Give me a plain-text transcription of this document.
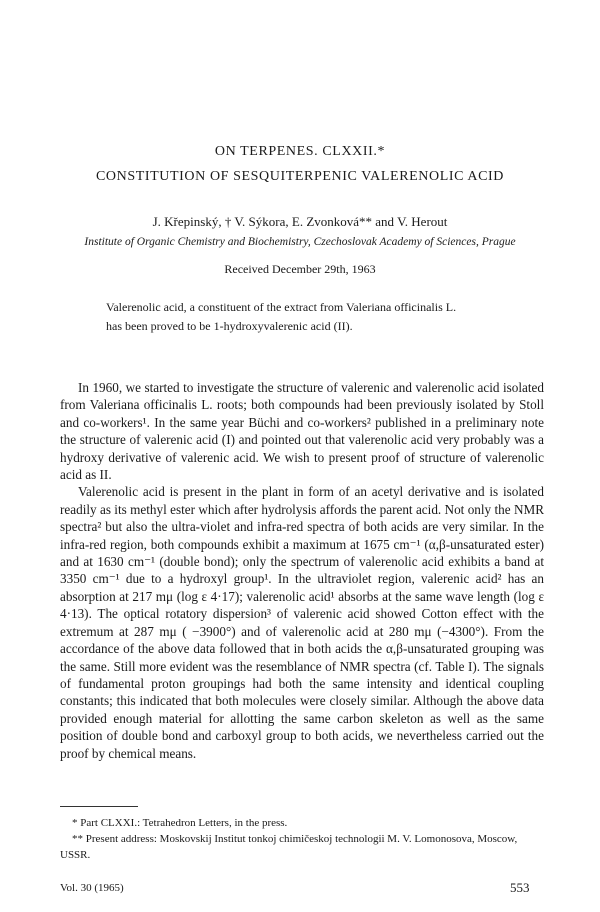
ON TERPENES. CLXXII.*
CONSTITUTION OF SESQUITERPENIC VALERENOLIC ACID
J. Křepinský, † V. Sýkora, E. Zvonková** and V. Herout
Institute of Organic Chemistry and Biochemistry, Czechoslovak Academy of Sciences, Prague
Received December 29th, 1963
Valerenolic acid, a constituent of the extract from Valeriana officinalis L.
has been proved to be 1-hydroxyvalerenic acid (II).

In 1960, we started to investigate the structure of valerenic and valerenolic acid isolated from Valeriana officinalis L. roots; both compounds had been previously isolated by Stoll and co-workers¹. In the same year Büchi and co-workers² published in a preliminary note the structure of valerenic acid (I) and pointed out that valerenolic acid very probably was a hydroxy derivative of valerenic acid. We wish to present proof of structure of valerenolic acid as II.

Valerenolic acid is present in the plant in form of an acetyl derivative and is isolated readily as its methyl ester which after hydrolysis affords the parent acid. Not only the NMR spectra² but also the ultra-violet and infra-red spectra of both acids are very similar. In the infra-red region, both compounds exhibit a maximum at 1675 cm⁻¹ (α,β-unsaturated ester) and at 1630 cm⁻¹ (double bond); only the spectrum of valerenolic acid exhibits a band at 3350 cm⁻¹ due to a hydroxyl group¹. In the ultraviolet region, valerenic acid² has an absorption at 217 mμ (log ε 4·17); valerenolic acid¹ absorbs at the same wave length (log ε 4·13). The optical rotatory dispersion³ of valerenic acid showed Cotton effect with the extremum at 287 mμ ( −3900°) and of valerenolic acid at 280 mμ (−4300°). From the accordance of the above data followed that in both acids the α,β-unsaturated grouping was the same. Still more evident was the resemblance of NMR spectra (cf. Table I). The signals of fundamental proton groupings had both the same intensity and identical coupling constants; this indicated that both molecules were closely similar. Although the above data provided enough material for allotting the same carbon skeleton as well as the same position of double bond and carboxyl group to both acids, we nevertheless carried out the proof by chemical means.

* Part CLXXI.: Tetrahedron Letters, in the press.
** Present address: Moskovskij Institut tonkoj chimičeskoj technologii M. V. Lomonosova, Moscow, USSR.
Vol. 30 (1965)	553
